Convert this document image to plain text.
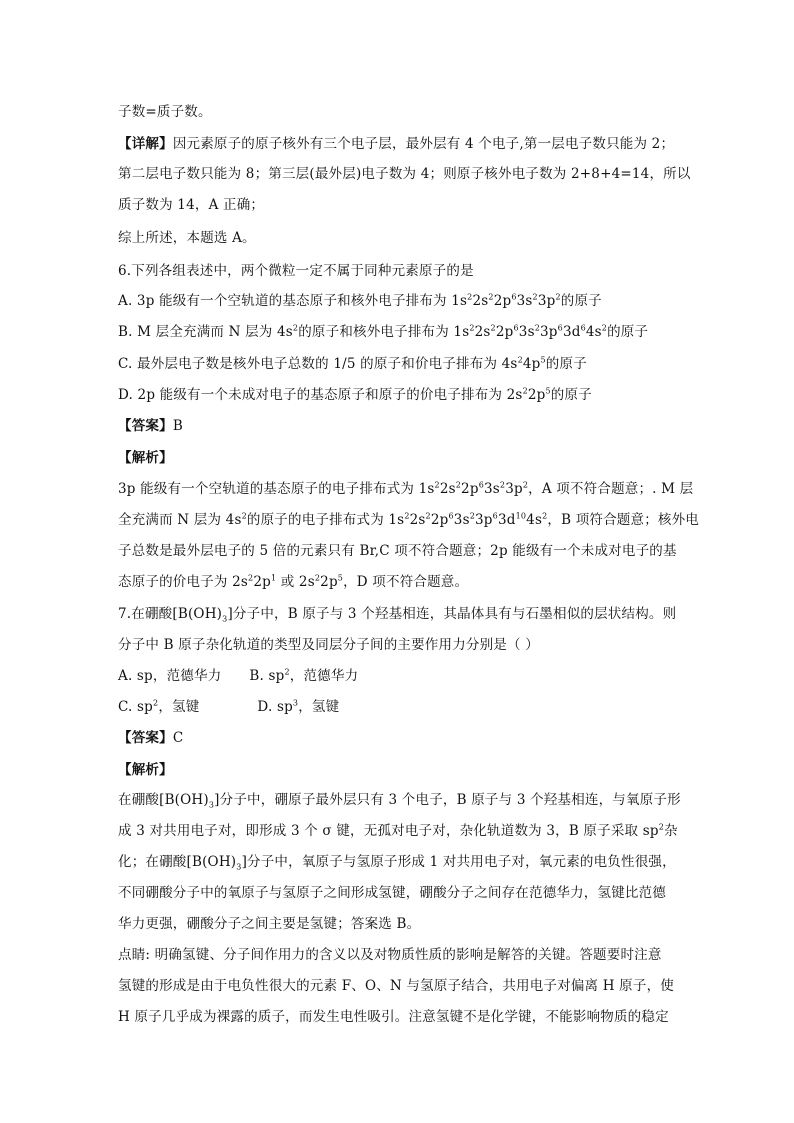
子数=质子数。
【详解】因元素原子的原子核外有三个电子层，最外层有 4 个电子,第一层电子数只能为 2；
第二层电子数只能为 8；第三层(最外层)电子数为 4；则原子核外电子数为 2+8+4=14，所以
质子数为 14，A 正确；
综上所述，本题选 A。
6.下列各组表述中，两个微粒一定不属于同种元素原子的是
A. 3p 能级有一个空轨道的基态原子和核外电子排布为 $1s^22s^22p^63s^23p^2$的原子
B. M 层全充满而 N 层为 $4s^2$的原子和核外电子排布为 $1s^22s^22p^63s^23p^63d^64s^2$的原子
C. 最外层电子数是核外电子总数的 1/5 的原子和价电子排布为 $4s^24p^5$的原子
D. 2p 能级有一个未成对电子的基态原子和原子的价电子排布为 $2s^22p^5$的原子
【答案】B
【解析】
3p 能级有一个空轨道的基态原子的电子排布式为 $1s^22s^22p^63s^23p^2$，A 项不符合题意；. M 层
全充满而 N 层为 $4s^2$的原子的电子排布式为 $1s^22s^22p^63s^23p^63d^{10}4s^2$，B 项符合题意；核外电
子总数是最外层电子的 5 倍的元素只有 Br,C 项不符合题意；2p 能级有一个未成对电子的基
态原子的价电子为 $2s^22p^1$ 或 $2s^22p^5$，D 项不符合题意。
7.在硼酸$[B(OH)_3]$分子中，B 原子与 3 个羟基相连，其晶体具有与石墨相似的层状结构。则
分子中 B 原子杂化轨道的类型及同层分子间的主要作用力分别是（ ）
A. sp，范德华力 B. $sp^2$，范德华力
C. $sp^2$，氢键	D. $sp^3$，氢键
【答案】C
【解析】
在硼酸$[B(OH)_3]$分子中，硼原子最外层只有 3 个电子，B 原子与 3 个羟基相连，与氧原子形
成 3 对共用电子对，即形成 3 个 σ 键，无孤对电子对，杂化轨道数为 3，B 原子采取 $sp^2$杂
化；在硼酸$[B(OH)_3]$分子中，氧原子与氢原子形成 1 对共用电子对，氧元素的电负性很强，
不同硼酸分子中的氧原子与氢原子之间形成氢键，硼酸分子之间存在范德华力，氢键比范德
华力更强，硼酸分子之间主要是氢键；答案选 B。
点睛: 明确氢键、分子间作用力的含义以及对物质性质的影响是解答的关键。答题要时注意
氢键的形成是由于电负性很大的元素 F、O、N 与氢原子结合，共用电子对偏离 H 原子，使
H 原子几乎成为裸露的质子，而发生电性吸引。注意氢键不是化学键，不能影响物质的稳定
